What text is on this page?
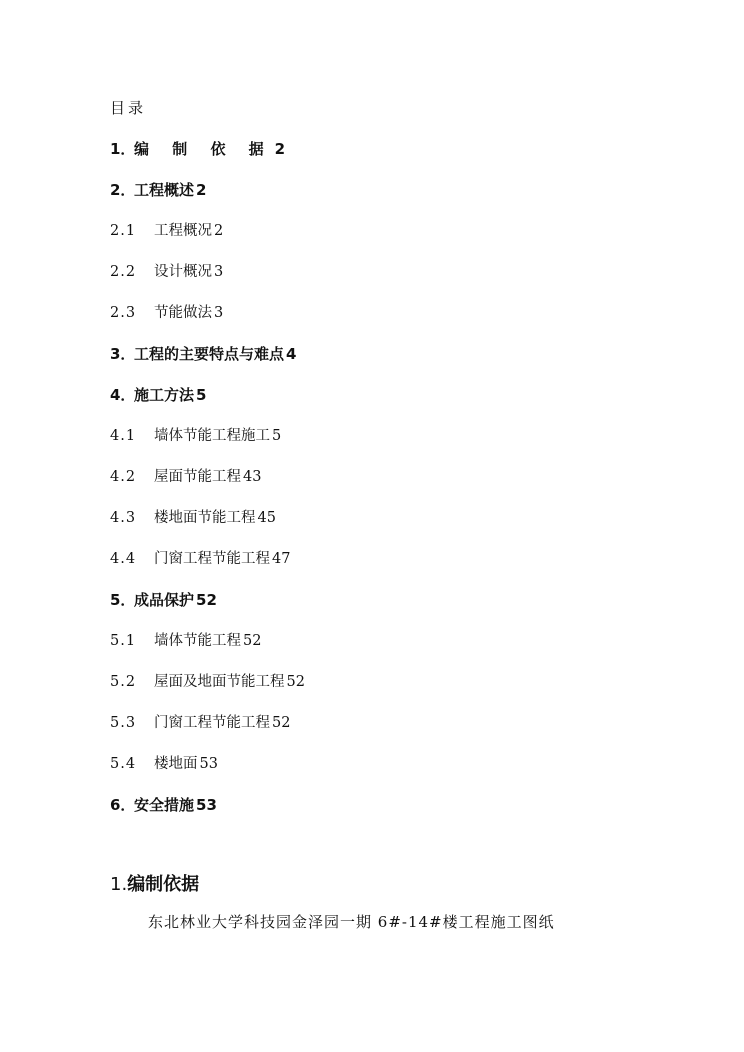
目录
1．编 制 依 据 2
2．工程概述 2
2.1 工程概况 2
2.2 设计概况 3
2.3 节能做法 3
3．工程的主要特点与难点 4
4．施工方法 5
4.1 墙体节能工程施工 5
4.2 屋面节能工程 43
4.3 楼地面节能工程 45
4.4 门窗工程节能工程 47
5．成品保护 52
5.1 墙体节能工程 52
5.2 屋面及地面节能工程 52
5.3 门窗工程节能工程 52
5.4 楼地面 53
6．安全措施 53
1.编制依据
东北林业大学科技园金泽园一期 6#-14#楼工程施工图纸
